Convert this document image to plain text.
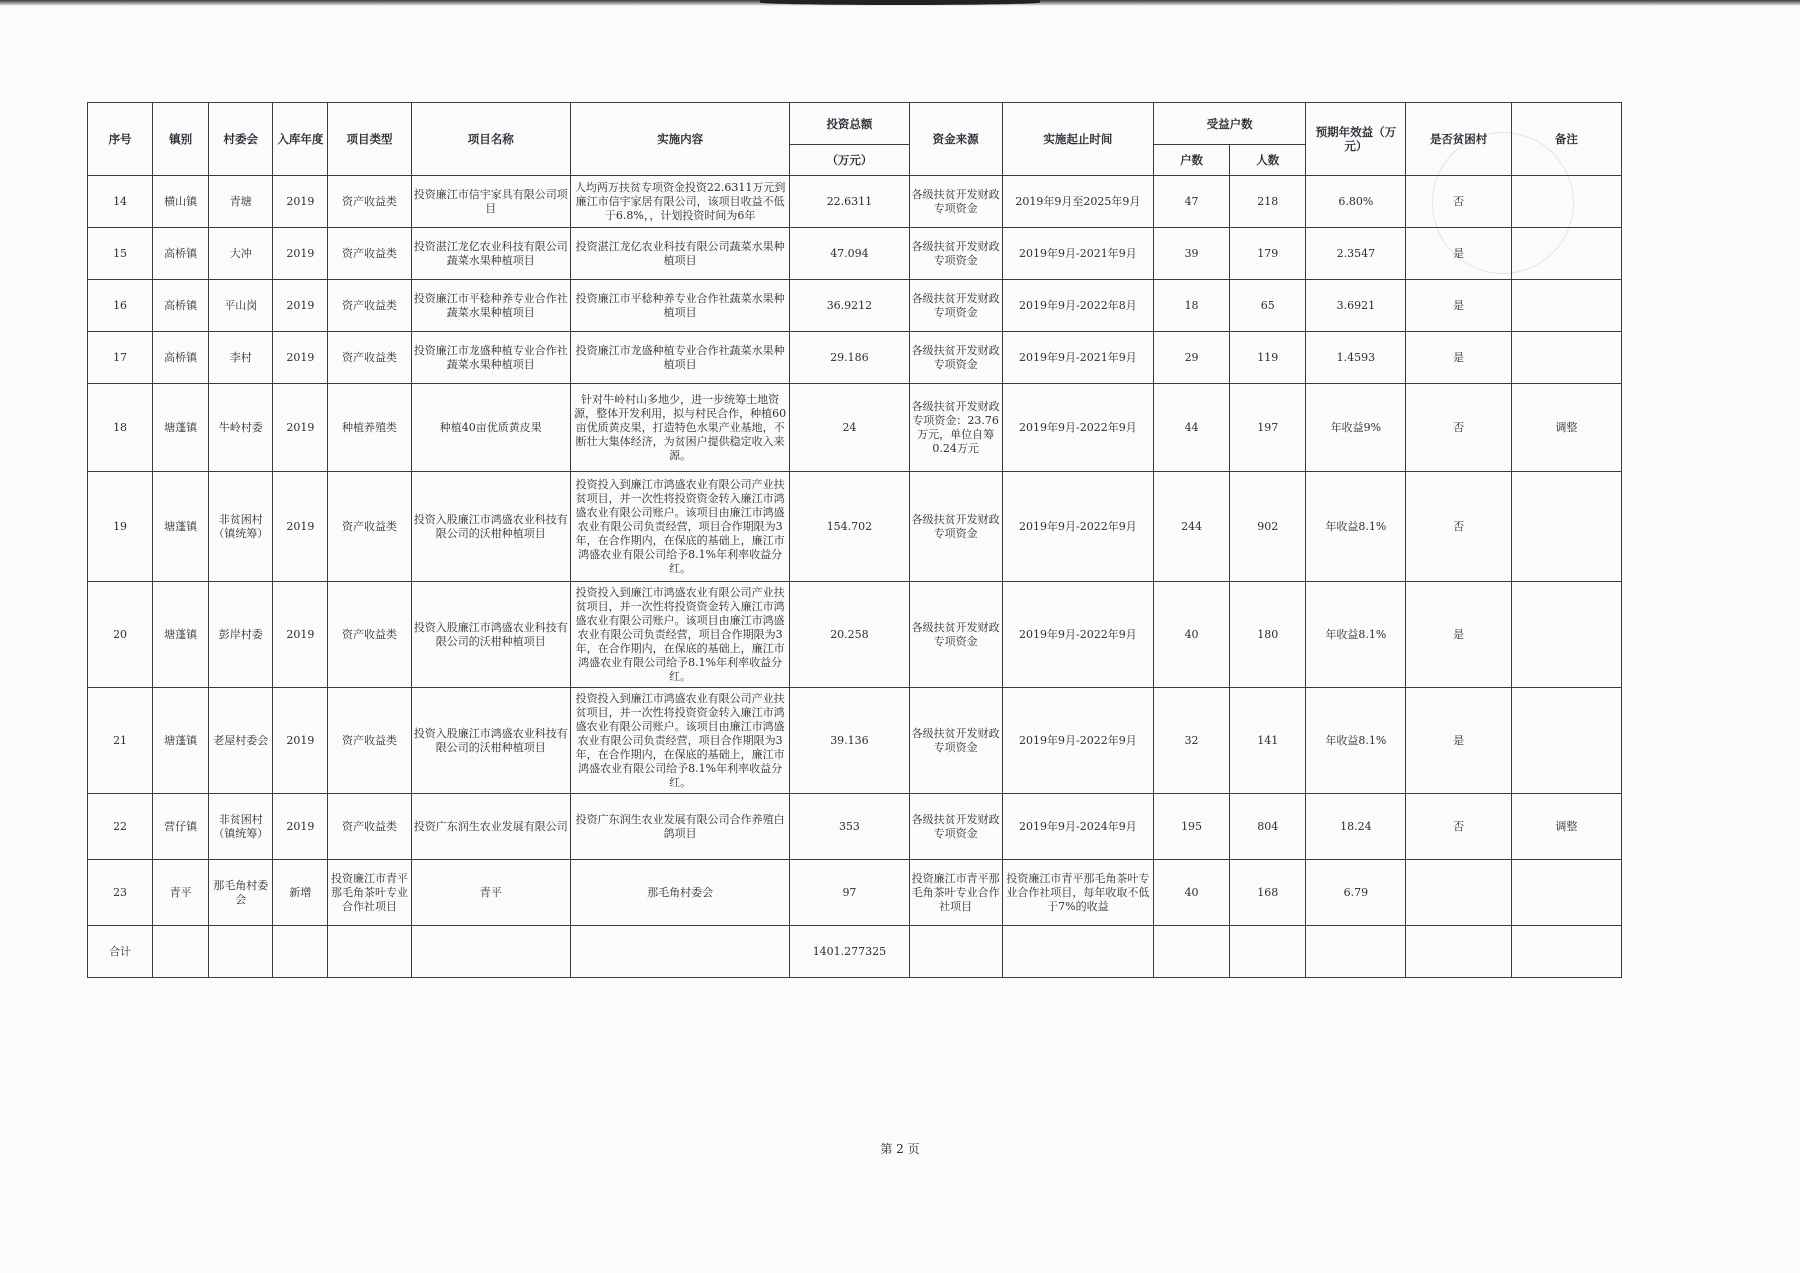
序号	镇别	村委会	入库年度	项目类型	项目名称	实施内容	投资总额	资金来源	实施起止时间	受益户数		预期年效益（万元）	是否贫困村	备注
							（万元）			户数	人数			
14	横山镇	青塘	2019	资产收益类	投资廉江市信宇家具有限公司项目	人均两万扶贫专项资金投资22.6311万元到廉江市信宇家居有限公司，该项目收益不低于6.8%，，计划投资时间为6年	22.6311	各级扶贫开发财政专项资金	2019年9月至2025年9月	47	218	6.80%	否	
15	高桥镇	大冲	2019	资产收益类	投资湛江龙亿农业科技有限公司蔬菜水果种植项目	投资湛江龙亿农业科技有限公司蔬菜水果种植项目	47.094	各级扶贫开发财政专项资金	2019年9月-2021年9月	39	179	2.3547	是	
16	高桥镇	平山岗	2019	资产收益类	投资廉江市平稔种养专业合作社蔬菜水果种植项目	投资廉江市平稔种养专业合作社蔬菜水果种植项目	36.9212	各级扶贫开发财政专项资金	2019年9月-2022年8月	18	65	3.6921	是	
17	高桥镇	李村	2019	资产收益类	投资廉江市龙盛种植专业合作社蔬菜水果种植项目	投资廉江市龙盛种植专业合作社蔬菜水果种植项目	29.186	各级扶贫开发财政专项资金	2019年9月-2021年9月	29	119	1.4593	是	
18	塘蓬镇	牛岭村委	2019	种植养殖类	种植40亩优质黄皮果	针对牛岭村山多地少，进一步统筹土地资源，整体开发利用，拟与村民合作，种植60亩优质黄皮果，打造特色水果产业基地，不断壮大集体经济，为贫困户提供稳定收入来源。	24	各级扶贫开发财政专项资金：23.76万元，单位自筹0.24万元	2019年9月-2022年9月	44	197	年收益9%	否	调整
19	塘蓬镇	非贫困村（镇统筹）	2019	资产收益类	投资入股廉江市鸿盛农业科技有限公司的沃柑种植项目	投资投入到廉江市鸿盛农业有限公司产业扶贫项目，并一次性将投资资金转入廉江市鸿盛农业有限公司账户。该项目由廉江市鸿盛农业有限公司负责经营，项目合作期限为3年，在合作期内，在保底的基础上，廉江市鸿盛农业有限公司给予8.1%年利率收益分红。	154.702	各级扶贫开发财政专项资金	2019年9月-2022年9月	244	902	年收益8.1%	否	
20	塘蓬镇	彭岸村委	2019	资产收益类	投资入股廉江市鸿盛农业科技有限公司的沃柑种植项目	投资投入到廉江市鸿盛农业有限公司产业扶贫项目，并一次性将投资资金转入廉江市鸿盛农业有限公司账户。该项目由廉江市鸿盛农业有限公司负责经营，项目合作期限为3年，在合作期内，在保底的基础上，廉江市鸿盛农业有限公司给予8.1%年利率收益分红。	20.258	各级扶贫开发财政专项资金	2019年9月-2022年9月	40	180	年收益8.1%	是	
21	塘蓬镇	老屋村委会	2019	资产收益类	投资入股廉江市鸿盛农业科技有限公司的沃柑种植项目	投资投入到廉江市鸿盛农业有限公司产业扶贫项目，并一次性将投资资金转入廉江市鸿盛农业有限公司账户。该项目由廉江市鸿盛农业有限公司负责经营，项目合作期限为3年，在合作期内，在保底的基础上，廉江市鸿盛农业有限公司给予8.1%年利率收益分红。	39.136	各级扶贫开发财政专项资金	2019年9月-2022年9月	32	141	年收益8.1%	是	
22	营仔镇	非贫困村（镇统筹）	2019	资产收益类	投资广东润生农业发展有限公司	投资广东润生农业发展有限公司合作养殖白鸽项目	353	各级扶贫开发财政专项资金	2019年9月-2024年9月	195	804	18.24	否	调整
23	青平	那毛角村委会	新增	投资廉江市青平那毛角茶叶专业合作社项目	青平	那毛角村委会	97	投资廉江市青平那毛角茶叶专业合作社项目	投资廉江市青平那毛角茶叶专业合作社项目，每年收取不低于7%的收益	40	168	6.79		
合计							1401.277325							
第 2 页
